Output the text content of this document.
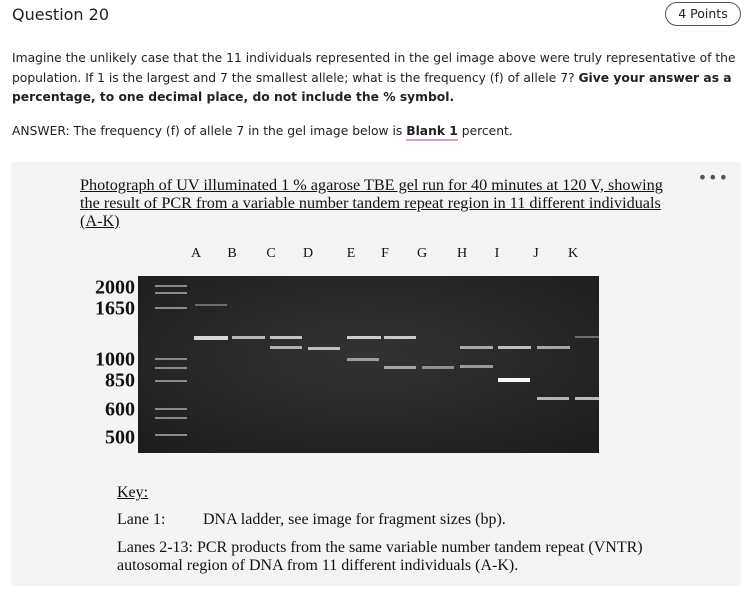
Question 20	4 Points
Imagine the unlikely case that the 11 individuals represented in the gel image above were truly representative of the population. If 1 is the largest and 7 the smallest allele; what is the frequency (f) of allele 7? Give your answer as a percentage, to one decimal place, do not include the % symbol.
ANSWER: The frequency (f) of allele 7 in the gel image below is Blank 1 percent.
•••
Photograph of UV illuminated 1 % agarose TBE gel run for 40 minutes at 120 V, showing the result of PCR from a variable number tandem repeat region in 11 different individuals (A-K)
A B C D E F G H I J K
2000
1650
1000
850
600
500
Key:
Lane 1: DNA ladder, see image for fragment sizes (bp).
Lanes 2-13: PCR products from the same variable number tandem repeat (VNTR)
autosomal region of DNA from 11 different individuals (A-K).
